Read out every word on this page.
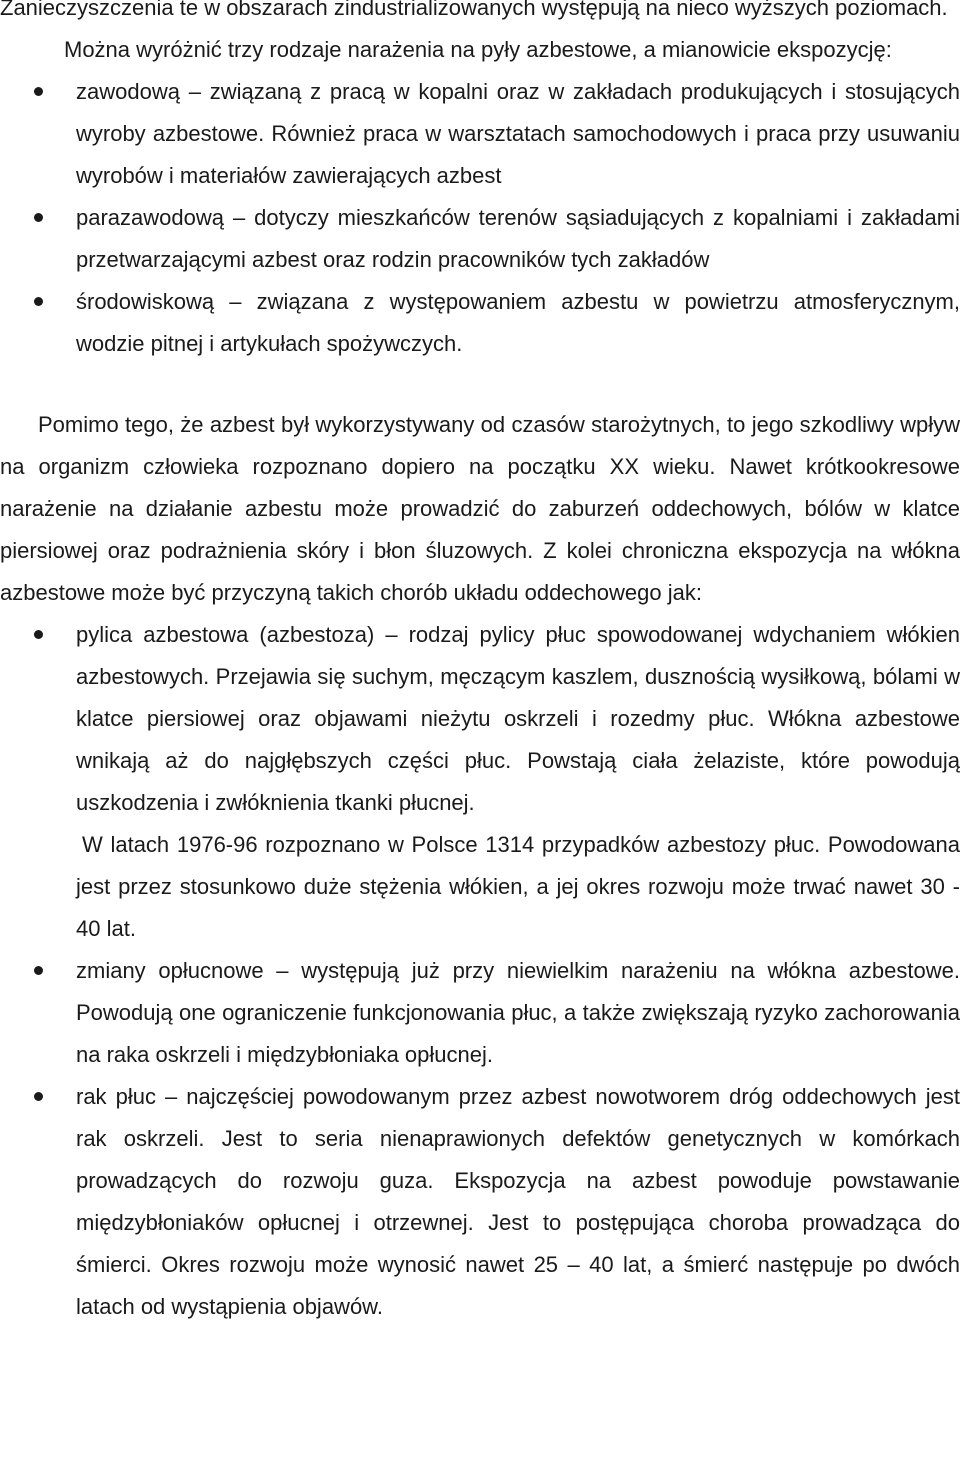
Zanieczyszczenia te w obszarach zindustrializowanych występują na nieco wyższych poziomach.

Można wyróżnić trzy rodzaje narażenia na pyły azbestowe, a mianowicie ekspozycję:

zawodową – związaną z pracą w kopalni oraz w zakładach produkujących i stosujących wyroby azbestowe. Również praca w warsztatach samochodowych i praca przy usuwaniu wyrobów i materiałów zawierających azbest
parazawodową – dotyczy mieszkańców terenów sąsiadujących z kopalniami i zakładami przetwarzającymi azbest oraz rodzin pracowników tych zakładów
środowiskową – związana z występowaniem azbestu w powietrzu atmosferycznym, wodzie pitnej i artykułach spożywczych.

Pomimo tego, że azbest był wykorzystywany od czasów starożytnych, to jego szkodliwy wpływ na organizm człowieka rozpoznano dopiero na początku XX wieku. Nawet krótkookresowe narażenie na działanie azbestu może prowadzić do zaburzeń oddechowych, bólów w klatce piersiowej oraz podrażnienia skóry i błon śluzowych. Z kolei chroniczna ekspozycja na włókna azbestowe może być przyczyną takich chorób układu oddechowego jak:

pylica azbestowa (azbestoza) – rodzaj pylicy płuc spowodowanej wdychaniem włókien azbestowych. Przejawia się suchym, męczącym kaszlem, dusznością wysiłkową, bólami w klatce piersiowej oraz objawami nieżytu oskrzeli i rozedmy płuc. Włókna azbestowe wnikają aż do najgłębszych części płuc. Powstają ciała żelaziste, które powodują uszkodzenia i zwłóknienia tkanki płucnej.
W latach 1976-96 rozpoznano w Polsce 1314 przypadków azbestozy płuc. Powodowana jest przez stosunkowo duże stężenia włókien, a jej okres rozwoju może trwać nawet 30 - 40 lat.
zmiany opłucnowe – występują już przy niewielkim narażeniu na włókna azbestowe. Powodują one ograniczenie funkcjonowania płuc, a także zwiększają ryzyko zachorowania na raka oskrzeli i międzybłoniaka opłucnej.
rak płuc – najczęściej powodowanym przez azbest nowotworem dróg oddechowych jest rak oskrzeli. Jest to seria nienaprawionych defektów genetycznych w komórkach prowadzących do rozwoju guza. Ekspozycja na azbest powoduje powstawanie międzybłoniaków opłucnej i otrzewnej. Jest to postępująca choroba prowadząca do śmierci. Okres rozwoju może wynosić nawet 25 – 40 lat, a śmierć następuje po dwóch latach od wystąpienia objawów.
